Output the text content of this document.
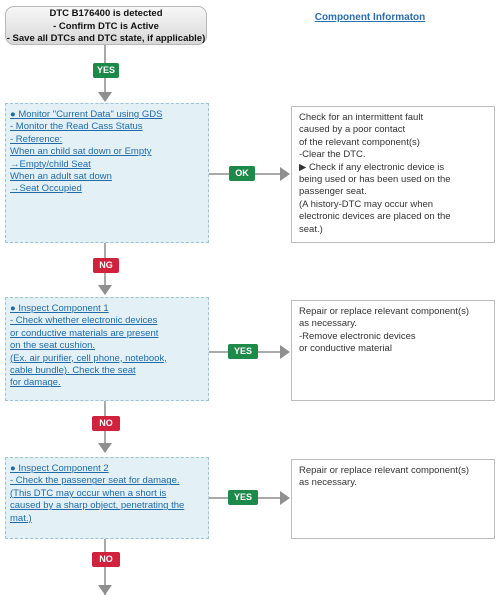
DTC B176400 is detected
- Confirm DTC is Active
- Save all DTCs and DTC state, if applicable)
Component Informaton
YES
● Monitor "Current Data" using GDS
- Monitor the Read Cass Status
- Reference:
When an child sat down or Empty
→Empty/child Seat
When an adult sat down
→Seat Occupied
OK
Check for an intermittent fault
caused by a poor contact
of the relevant component(s)
-Clear the DTC.
▶ Check if any electronic device is
being used or has been used on the
passenger seat.
(A history-DTC may occur when
electronic devices are placed on the
seat.)
NG
● Inspect Component 1
- Check whether electronic devices
or conductive materials are present
on the seat cushion.
(Ex. air purifier, cell phone, notebook,
cable bundle). Check the seat
for damage.
YES
Repair or replace relevant component(s)
as necessary.
-Remove electronic devices
or conductive material
NO
● Inspect Component 2
- Check the passenger seat for damage.
(This DTC may occur when a short is
caused by a sharp object, penetrating the
mat.)
YES
Repair or replace relevant component(s)
as necessary.
NO
